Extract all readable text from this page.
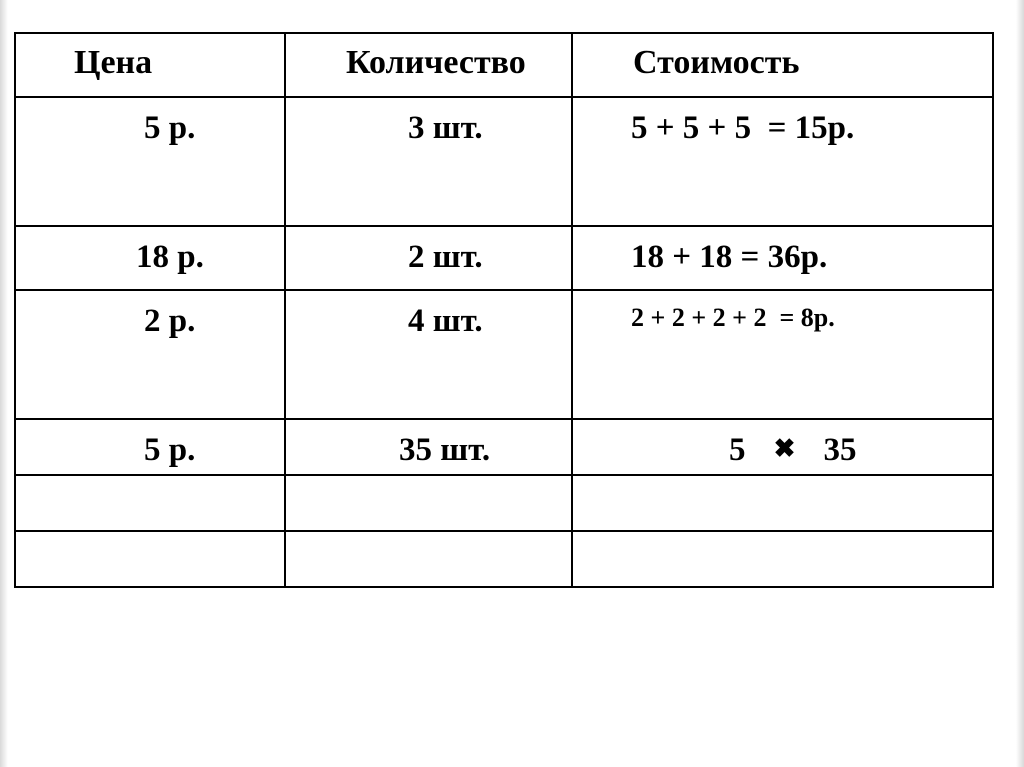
Цена	Количество	Стоимость

5 р.	3 шт.	5 + 5 + 5  = 15р.

18 р.	2 шт.	18 + 18 = 36р.

2 р.	4 шт.	2 + 2 + 2 + 2  = 8р.

5 р.	35 шт.	5 ✖ 35
